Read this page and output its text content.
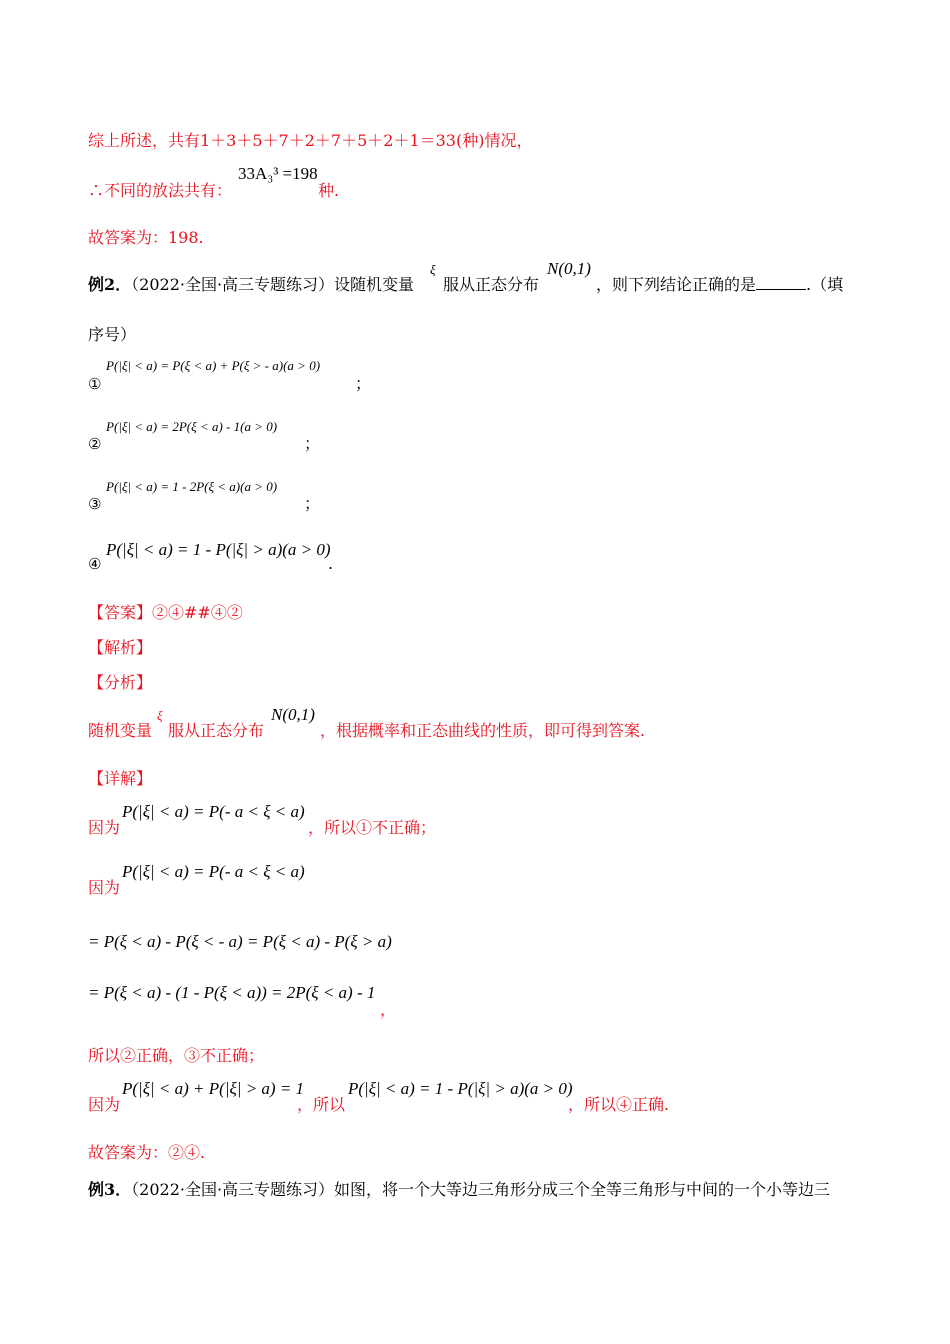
综上所述，共有1＋3＋5＋7＋2＋7＋5＋2＋1＝33(种)情况，
∴不同的放法共有：
33A₃³ =198
种.
故答案为：198.
例2．（2022·全国·高三专题练习）设随机变量
ξ
服从正态分布
N(0,1)
，则下列结论正确的是	.（填
序号）
①
P(|ξ| < a) = P(ξ < a) + P(ξ > - a)(a > 0)
；
②
P(|ξ| < a) = 2P(ξ < a) - 1(a > 0)
；
③
P(|ξ| < a) = 1 - 2P(ξ < a)(a > 0)
；
④
P(|ξ| < a) = 1 - P(|ξ| > a)(a > 0)
.
【答案】②④##④②
【解析】
【分析】
随机变量
ξ
服从正态分布
N(0,1)
，根据概率和正态曲线的性质，即可得到答案.
【详解】
因为
P(|ξ| < a) = P(- a < ξ < a)
，所以①不正确；
因为
P(|ξ| < a) = P(- a < ξ < a)
= P(ξ < a) - P(ξ < - a) = P(ξ < a) - P(ξ > a)
= P(ξ < a) - (1 - P(ξ < a)) = 2P(ξ < a) - 1
，
所以②正确，③不正确；
因为
P(|ξ| < a) + P(|ξ| > a) = 1
，所以
P(|ξ| < a) = 1 - P(|ξ| > a)(a > 0)
，所以④正确.
故答案为：②④.
例3．（2022·全国·高三专题练习）如图，将一个大等边三角形分成三个全等三角形与中间的一个小等边三
